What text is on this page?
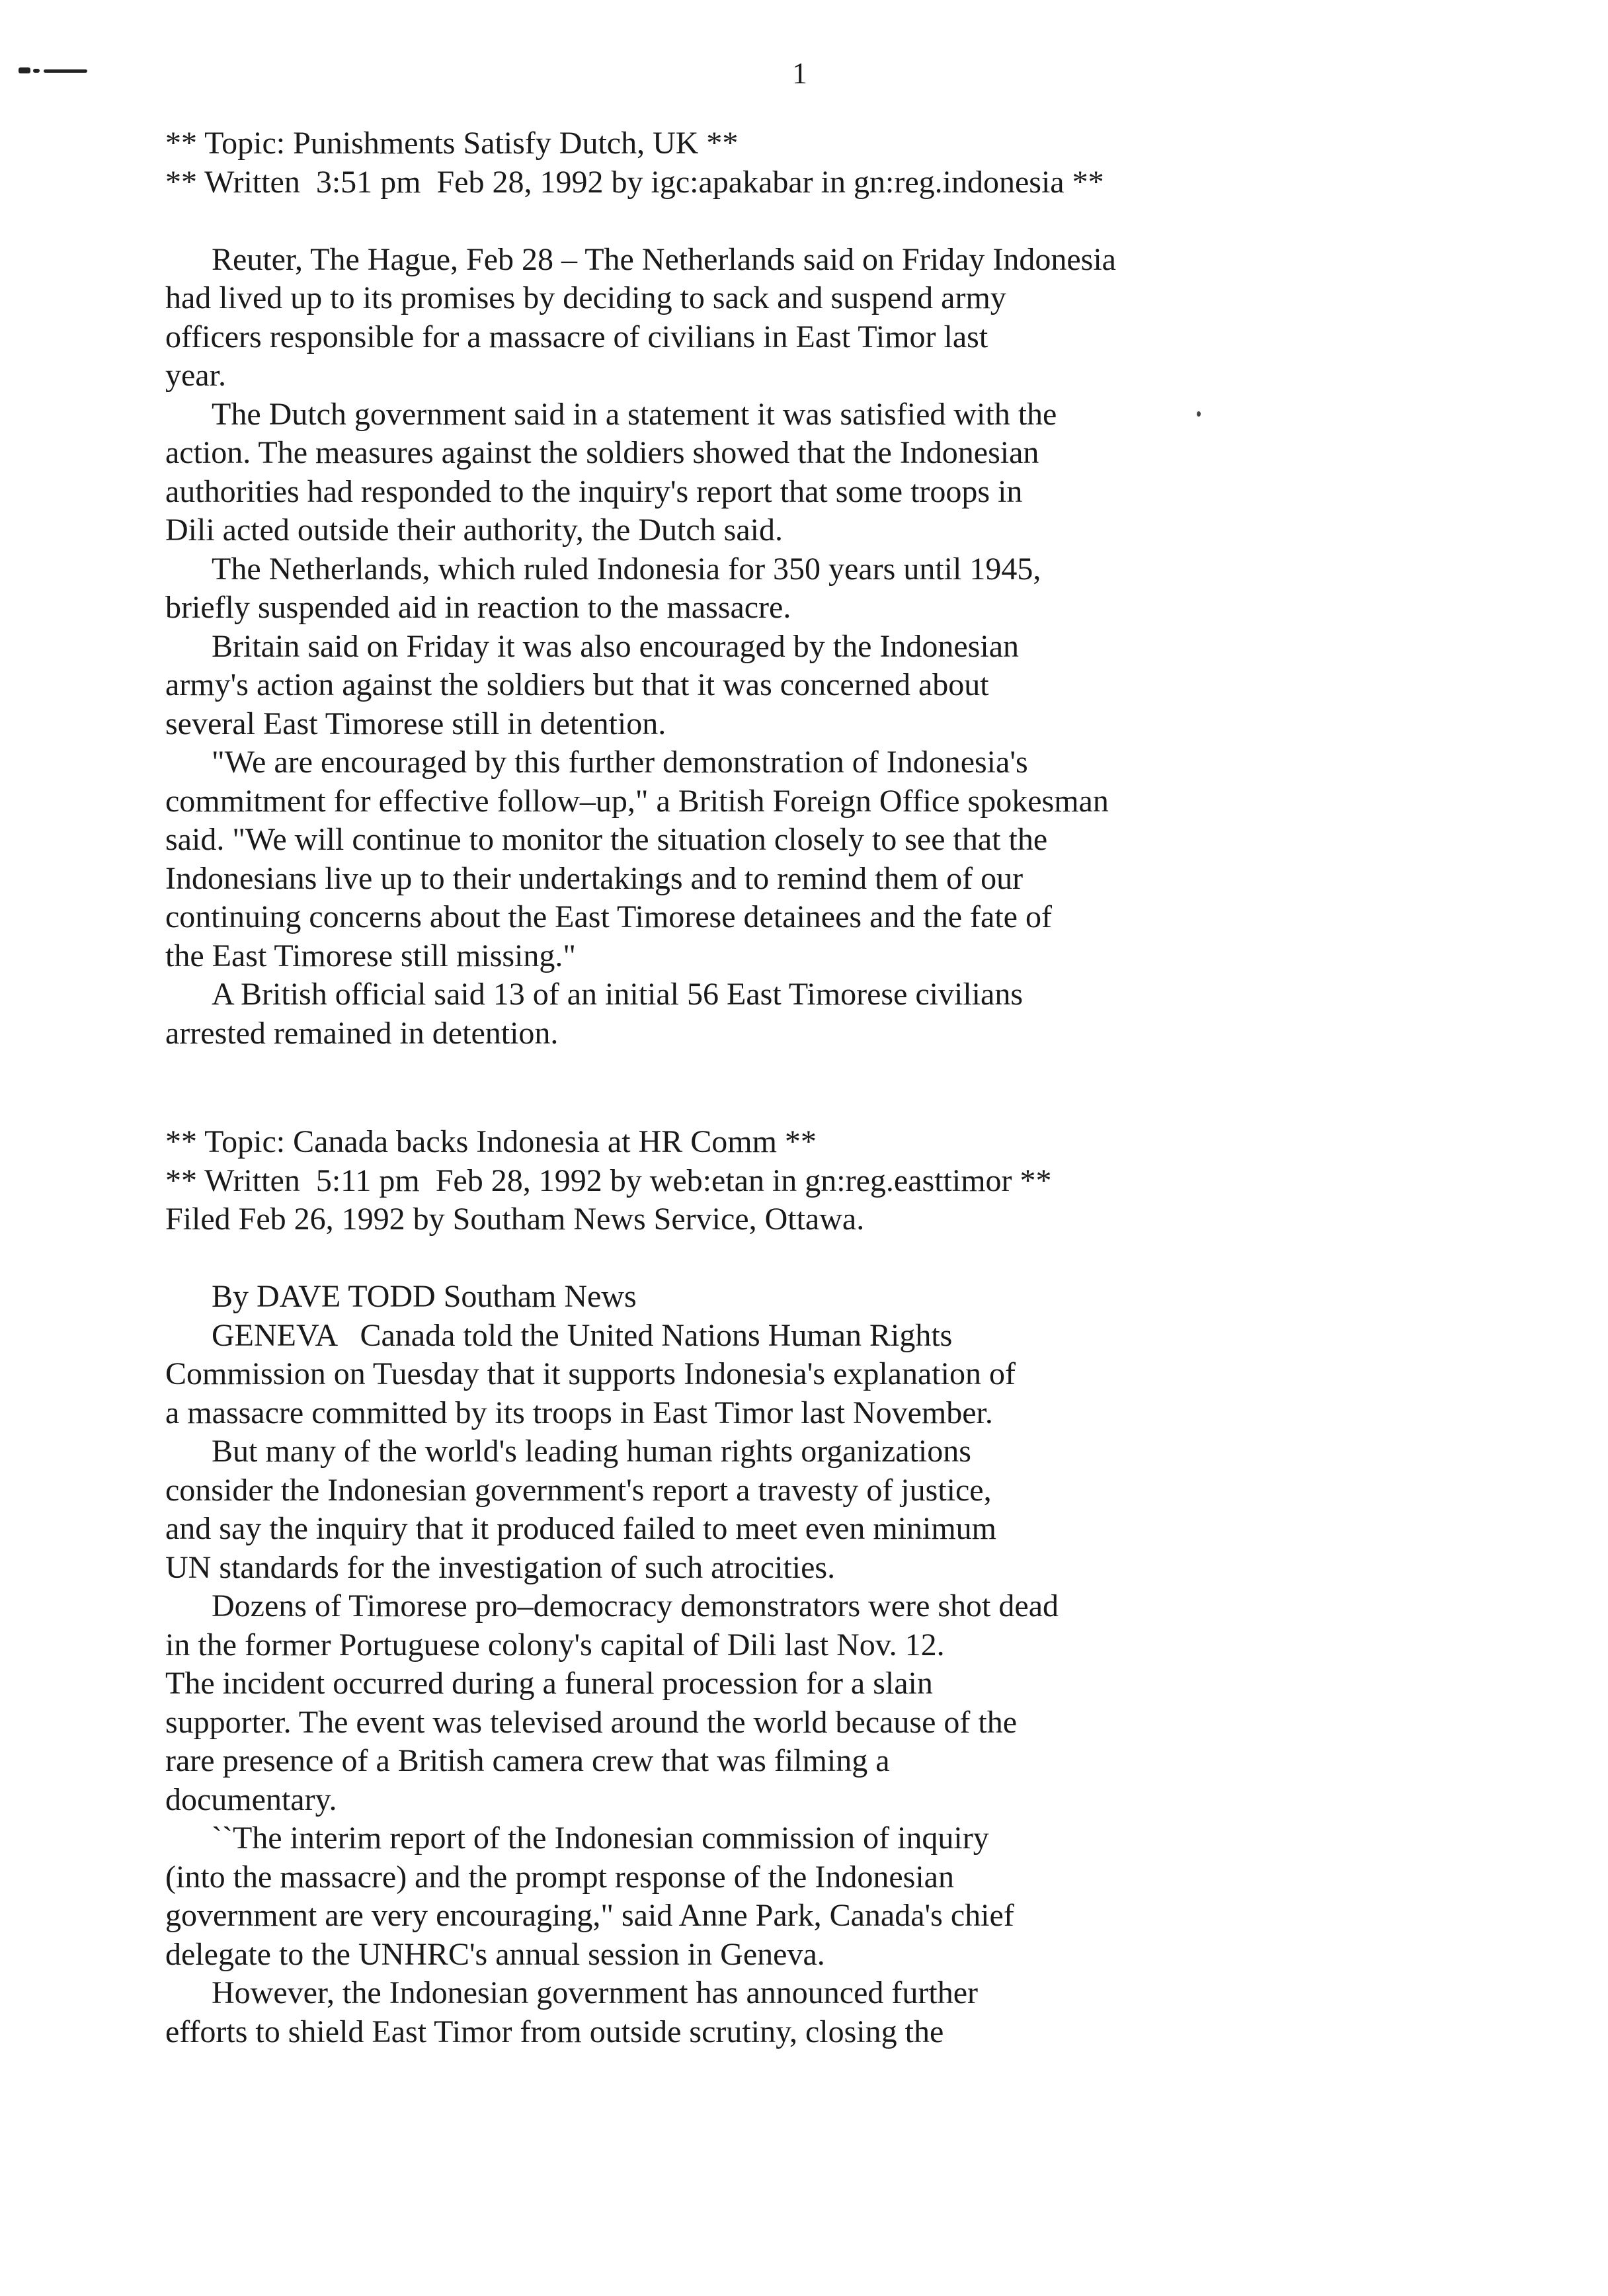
1
** Topic: Punishments Satisfy Dutch, UK **
** Written  3:51 pm  Feb 28, 1992 by igc:apakabar in gn:reg.indonesia **

Reuter, The Hague, Feb 28 – The Netherlands said on Friday Indonesia
had lived up to its promises by deciding to sack and suspend army
officers responsible for a massacre of civilians in East Timor last
year.
The Dutch government said in a statement it was satisfied with the
action. The measures against the soldiers showed that the Indonesian
authorities had responded to the inquiry's report that some troops in
Dili acted outside their authority, the Dutch said.
The Netherlands, which ruled Indonesia for 350 years until 1945,
briefly suspended aid in reaction to the massacre.
Britain said on Friday it was also encouraged by the Indonesian
army's action against the soldiers but that it was concerned about
several East Timorese still in detention.
"We are encouraged by this further demonstration of Indonesia's
commitment for effective follow–up," a British Foreign Office spokesman
said. "We will continue to monitor the situation closely to see that the
Indonesians live up to their undertakings and to remind them of our
continuing concerns about the East Timorese detainees and the fate of
the East Timorese still missing."
A British official said 13 of an initial 56 East Timorese civilians
arrested remained in detention.
** Topic: Canada backs Indonesia at HR Comm **
** Written  5:11 pm  Feb 28, 1992 by web:etan in gn:reg.easttimor **
Filed Feb 26, 1992 by Southam News Service, Ottawa.

By DAVE TODD Southam News
GENEVA   Canada told the United Nations Human Rights
Commission on Tuesday that it supports Indonesia's explanation of
a massacre committed by its troops in East Timor last November.
But many of the world's leading human rights organizations
consider the Indonesian government's report a travesty of justice,
and say the inquiry that it produced failed to meet even minimum
UN standards for the investigation of such atrocities.
Dozens of Timorese pro–democracy demonstrators were shot dead
in the former Portuguese colony's capital of Dili last Nov. 12.
The incident occurred during a funeral procession for a slain
supporter. The event was televised around the world because of the
rare presence of a British camera crew that was filming a
documentary.
``The interim report of the Indonesian commission of inquiry
(into the massacre) and the prompt response of the Indonesian
government are very encouraging," said Anne Park, Canada's chief
delegate to the UNHRC's annual session in Geneva.
However, the Indonesian government has announced further
efforts to shield East Timor from outside scrutiny, closing the
